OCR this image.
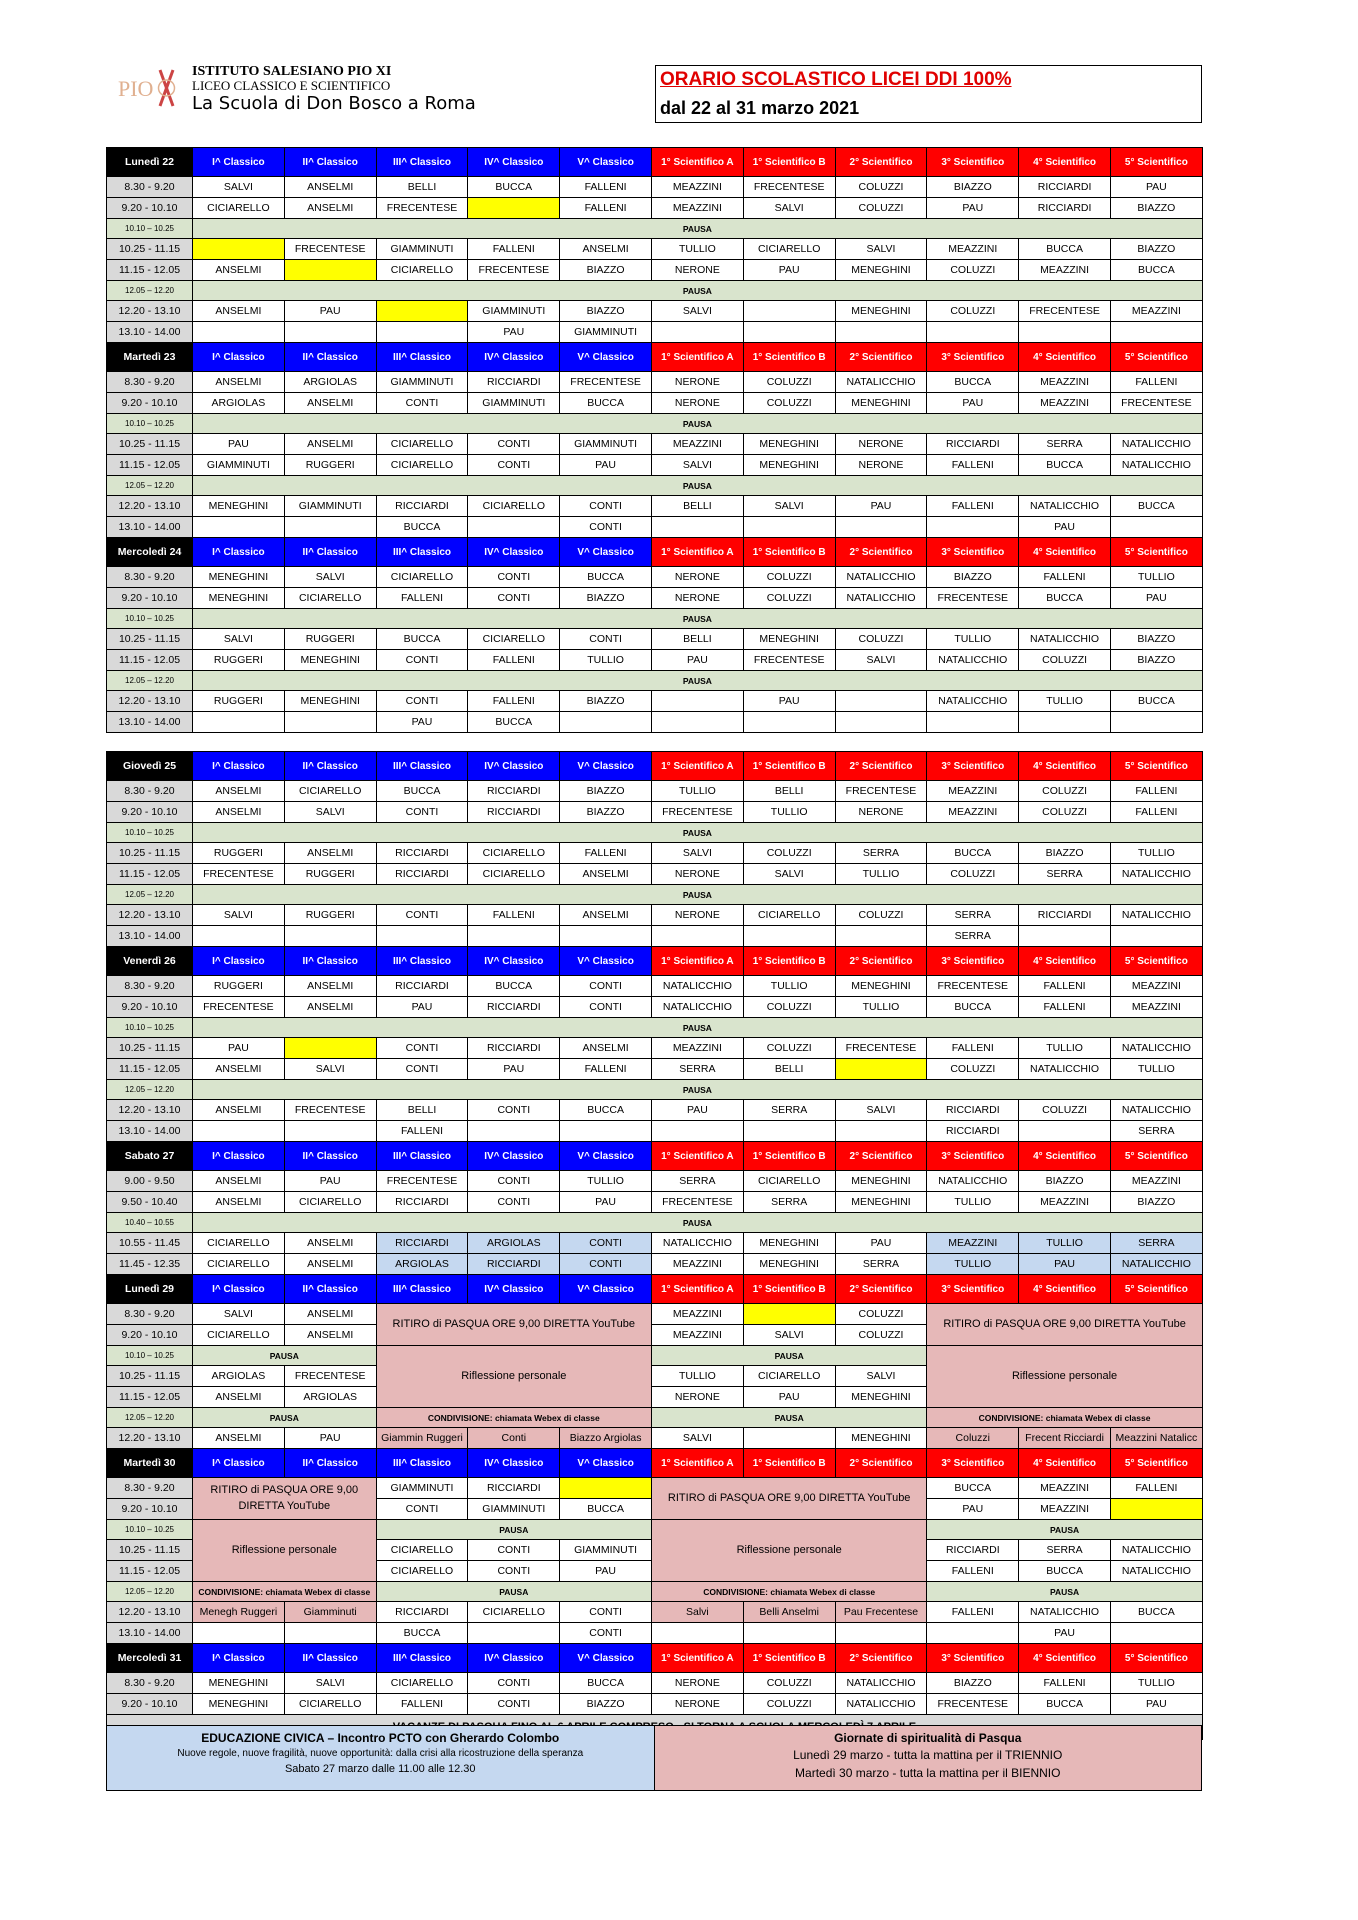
PIO
ISTITUTO SALESIANO PIO XI
LICEO CLASSICO E SCIENTIFICO
La Scuola di Don Bosco a Roma
ORARIO SCOLASTICO LICEI DDI 100%
dal 22 al 31 marzo 2021
Lunedì 22	I^ Classico	II^ Classico	III^ Classico	IV^ Classico	V^ Classico	1° Scientifico A	1° Scientifico B	2° Scientifico	3° Scientifico	4° Scientifico	5° Scientifico
8.30 - 9.20	SALVI	ANSELMI	BELLI	BUCCA	FALLENI	MEAZZINI	FRECENTESE	COLUZZI	BIAZZO	RICCIARDI	PAU
9.20 - 10.10	CICIARELLO	ANSELMI	FRECENTESE		FALLENI	MEAZZINI	SALVI	COLUZZI	PAU	RICCIARDI	BIAZZO
10.10 – 10.25	PAUSA										
10.25 - 11.15		FRECENTESE	GIAMMINUTI	FALLENI	ANSELMI	TULLIO	CICIARELLO	SALVI	MEAZZINI	BUCCA	BIAZZO
11.15 - 12.05	ANSELMI		CICIARELLO	FRECENTESE	BIAZZO	NERONE	PAU	MENEGHINI	COLUZZI	MEAZZINI	BUCCA
12.05 – 12.20	PAUSA										
12.20 - 13.10	ANSELMI	PAU		GIAMMINUTI	BIAZZO	SALVI		MENEGHINI	COLUZZI	FRECENTESE	MEAZZINI
13.10 - 14.00				PAU	GIAMMINUTI						
Martedì 23	I^ Classico	II^ Classico	III^ Classico	IV^ Classico	V^ Classico	1° Scientifico A	1° Scientifico B	2° Scientifico	3° Scientifico	4° Scientifico	5° Scientifico
8.30 - 9.20	ANSELMI	ARGIOLAS	GIAMMINUTI	RICCIARDI	FRECENTESE	NERONE	COLUZZI	NATALICCHIO	BUCCA	MEAZZINI	FALLENI
9.20 - 10.10	ARGIOLAS	ANSELMI	CONTI	GIAMMINUTI	BUCCA	NERONE	COLUZZI	MENEGHINI	PAU	MEAZZINI	FRECENTESE
10.10 – 10.25	PAUSA										
10.25 - 11.15	PAU	ANSELMI	CICIARELLO	CONTI	GIAMMINUTI	MEAZZINI	MENEGHINI	NERONE	RICCIARDI	SERRA	NATALICCHIO
11.15 - 12.05	GIAMMINUTI	RUGGERI	CICIARELLO	CONTI	PAU	SALVI	MENEGHINI	NERONE	FALLENI	BUCCA	NATALICCHIO
12.05 – 12.20	PAUSA										
12.20 - 13.10	MENEGHINI	GIAMMINUTI	RICCIARDI	CICIARELLO	CONTI	BELLI	SALVI	PAU	FALLENI	NATALICCHIO	BUCCA
13.10 - 14.00			BUCCA		CONTI					PAU	
Mercoledì 24	I^ Classico	II^ Classico	III^ Classico	IV^ Classico	V^ Classico	1° Scientifico A	1° Scientifico B	2° Scientifico	3° Scientifico	4° Scientifico	5° Scientifico
8.30 - 9.20	MENEGHINI	SALVI	CICIARELLO	CONTI	BUCCA	NERONE	COLUZZI	NATALICCHIO	BIAZZO	FALLENI	TULLIO
9.20 - 10.10	MENEGHINI	CICIARELLO	FALLENI	CONTI	BIAZZO	NERONE	COLUZZI	NATALICCHIO	FRECENTESE	BUCCA	PAU
10.10 – 10.25	PAUSA										
10.25 - 11.15	SALVI	RUGGERI	BUCCA	CICIARELLO	CONTI	BELLI	MENEGHINI	COLUZZI	TULLIO	NATALICCHIO	BIAZZO
11.15 - 12.05	RUGGERI	MENEGHINI	CONTI	FALLENI	TULLIO	PAU	FRECENTESE	SALVI	NATALICCHIO	COLUZZI	BIAZZO
12.05 – 12.20	PAUSA										
12.20 - 13.10	RUGGERI	MENEGHINI	CONTI	FALLENI	BIAZZO		PAU		NATALICCHIO	TULLIO	BUCCA
13.10 - 14.00			PAU	BUCCA							
Giovedì 25	I^ Classico	II^ Classico	III^ Classico	IV^ Classico	V^ Classico	1° Scientifico A	1° Scientifico B	2° Scientifico	3° Scientifico	4° Scientifico	5° Scientifico
8.30 - 9.20	ANSELMI	CICIARELLO	BUCCA	RICCIARDI	BIAZZO	TULLIO	BELLI	FRECENTESE	MEAZZINI	COLUZZI	FALLENI
9.20 - 10.10	ANSELMI	SALVI	CONTI	RICCIARDI	BIAZZO	FRECENTESE	TULLIO	NERONE	MEAZZINI	COLUZZI	FALLENI
10.10 – 10.25	PAUSA										
10.25 - 11.15	RUGGERI	ANSELMI	RICCIARDI	CICIARELLO	FALLENI	SALVI	COLUZZI	SERRA	BUCCA	BIAZZO	TULLIO
11.15 - 12.05	FRECENTESE	RUGGERI	RICCIARDI	CICIARELLO	ANSELMI	NERONE	SALVI	TULLIO	COLUZZI	SERRA	NATALICCHIO
12.05 – 12.20	PAUSA										
12.20 - 13.10	SALVI	RUGGERI	CONTI	FALLENI	ANSELMI	NERONE	CICIARELLO	COLUZZI	SERRA	RICCIARDI	NATALICCHIO
13.10 - 14.00									SERRA		
Venerdì 26	I^ Classico	II^ Classico	III^ Classico	IV^ Classico	V^ Classico	1° Scientifico A	1° Scientifico B	2° Scientifico	3° Scientifico	4° Scientifico	5° Scientifico
8.30 - 9.20	RUGGERI	ANSELMI	RICCIARDI	BUCCA	CONTI	NATALICCHIO	TULLIO	MENEGHINI	FRECENTESE	FALLENI	MEAZZINI
9.20 - 10.10	FRECENTESE	ANSELMI	PAU	RICCIARDI	CONTI	NATALICCHIO	COLUZZI	TULLIO	BUCCA	FALLENI	MEAZZINI
10.10 – 10.25	PAUSA										
10.25 - 11.15	PAU		CONTI	RICCIARDI	ANSELMI	MEAZZINI	COLUZZI	FRECENTESE	FALLENI	TULLIO	NATALICCHIO
11.15 - 12.05	ANSELMI	SALVI	CONTI	PAU	FALLENI	SERRA	BELLI		COLUZZI	NATALICCHIO	TULLIO
12.05 – 12.20	PAUSA										
12.20 - 13.10	ANSELMI	FRECENTESE	BELLI	CONTI	BUCCA	PAU	SERRA	SALVI	RICCIARDI	COLUZZI	NATALICCHIO
13.10 - 14.00			FALLENI						RICCIARDI		SERRA
Sabato 27	I^ Classico	II^ Classico	III^ Classico	IV^ Classico	V^ Classico	1° Scientifico A	1° Scientifico B	2° Scientifico	3° Scientifico	4° Scientifico	5° Scientifico
9.00 - 9.50	ANSELMI	PAU	FRECENTESE	CONTI	TULLIO	SERRA	CICIARELLO	MENEGHINI	NATALICCHIO	BIAZZO	MEAZZINI
9.50 - 10.40	ANSELMI	CICIARELLO	RICCIARDI	CONTI	PAU	FRECENTESE	SERRA	MENEGHINI	TULLIO	MEAZZINI	BIAZZO
10.40 – 10.55	PAUSA										
10.55 - 11.45	CICIARELLO	ANSELMI	RICCIARDI	ARGIOLAS	CONTI	NATALICCHIO	MENEGHINI	PAU	MEAZZINI	TULLIO	SERRA
11.45 - 12.35	CICIARELLO	ANSELMI	ARGIOLAS	RICCIARDI	CONTI	MEAZZINI	MENEGHINI	SERRA	TULLIO	PAU	NATALICCHIO
Lunedì 29	I^ Classico	II^ Classico	III^ Classico	IV^ Classico	V^ Classico	1° Scientifico A	1° Scientifico B	2° Scientifico	3° Scientifico	4° Scientifico	5° Scientifico
8.30 - 9.20	SALVI	ANSELMI	RITIRO di PASQUA ORE 9,00 DIRETTA YouTube			MEAZZINI		COLUZZI	RITIRO di PASQUA ORE 9,00 DIRETTA YouTube		
9.20 - 10.10	CICIARELLO	ANSELMI				MEAZZINI	SALVI	COLUZZI			
10.10 – 10.25	PAUSA		Riflessione personale			PAUSA			Riflessione personale		
10.25 - 11.15	ARGIOLAS	FRECENTESE				TULLIO	CICIARELLO	SALVI			
11.15 - 12.05	ANSELMI	ARGIOLAS				NERONE	PAU	MENEGHINI			
12.05 – 12.20	PAUSA		CONDIVISIONE: chiamata Webex di classe			PAUSA			CONDIVISIONE: chiamata Webex di classe		
12.20 - 13.10	ANSELMI	PAU	Giammin Ruggeri	Conti	Biazzo Argiolas	SALVI		MENEGHINI	Coluzzi	Frecent Ricciardi	Meazzini Natalicc
Martedì 30	I^ Classico	II^ Classico	III^ Classico	IV^ Classico	V^ Classico	1° Scientifico A	1° Scientifico B	2° Scientifico	3° Scientifico	4° Scientifico	5° Scientifico
8.30 - 9.20	RITIRO di PASQUA ORE 9,00 DIRETTA YouTube		GIAMMINUTI	RICCIARDI		RITIRO di PASQUA ORE 9,00 DIRETTA YouTube			BUCCA	MEAZZINI	FALLENI
9.20 - 10.10			CONTI	GIAMMINUTI	BUCCA				PAU	MEAZZINI	
10.10 – 10.25	Riflessione personale		PAUSA			Riflessione personale			PAUSA		
10.25 - 11.15			CICIARELLO	CONTI	GIAMMINUTI				RICCIARDI	SERRA	NATALICCHIO
11.15 - 12.05			CICIARELLO	CONTI	PAU				FALLENI	BUCCA	NATALICCHIO
12.05 – 12.20	CONDIVISIONE: chiamata Webex di classe		PAUSA			CONDIVISIONE: chiamata Webex di classe			PAUSA		
12.20 - 13.10	Menegh Ruggeri	Giamminuti	RICCIARDI	CICIARELLO	CONTI	Salvi	Belli Anselmi	Pau Frecentese	FALLENI	NATALICCHIO	BUCCA
13.10 - 14.00			BUCCA		CONTI					PAU	
Mercoledì 31	I^ Classico	II^ Classico	III^ Classico	IV^ Classico	V^ Classico	1° Scientifico A	1° Scientifico B	2° Scientifico	3° Scientifico	4° Scientifico	5° Scientifico
8.30 - 9.20	MENEGHINI	SALVI	CICIARELLO	CONTI	BUCCA	NERONE	COLUZZI	NATALICCHIO	BIAZZO	FALLENI	TULLIO
9.20 - 10.10	MENEGHINI	CICIARELLO	FALLENI	CONTI	BIAZZO	NERONE	COLUZZI	NATALICCHIO	FRECENTESE	BUCCA	PAU

EDUCAZIONE CIVICA – Incontro PCTO con Gherardo Colombo
Nuove regole, nuove fragilità, nuove opportunità: dalla crisi alla ricostruzione della speranza
Sabato 27 marzo dalle 11.00 alle 12.30
Giornate di spiritualità di Pasqua
Lunedì 29 marzo - tutta la mattina per il TRIENNIO
Martedì 30 marzo - tutta la mattina per il BIENNIO
